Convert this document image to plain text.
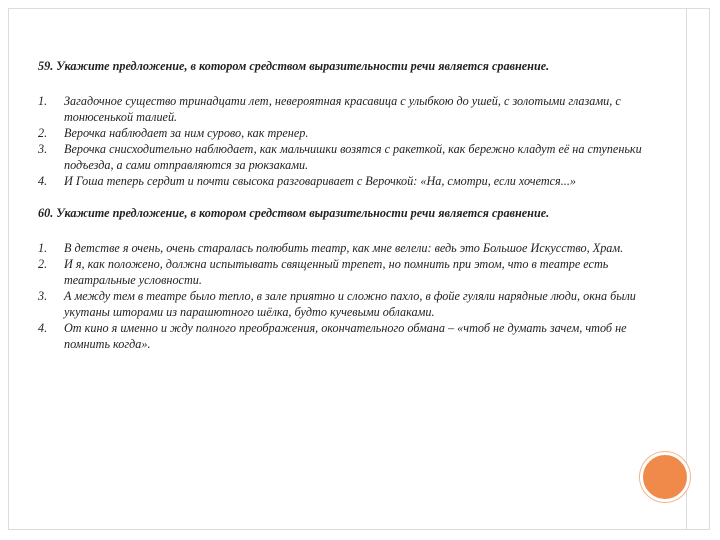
59. Укажите предложение, в котором средством выразительности речи является сравнение.
1.	Загадочное существо тринадцати лет, невероятная красавица с улыбкою до ушей, с золотыми глазами, с тонюсенькой талией.
2.	Верочка наблюдает за ним сурово, как тренер.
3.	Верочка снисходительно наблюдает, как мальчишки возятся с ракеткой, как бережно кладут её на ступеньки подъезда, а сами отправляются за рюкзаками.
4.	И Гоша теперь сердит и почти свысока разговаривает с Верочкой: «На, смотри, если хочется...»
60. Укажите предложение, в котором средством выразительности речи является сравнение.
1.	В детстве я очень, очень старалась полюбить театр, как мне велели: ведь это Большое Искусство, Храм.
2.	И я, как положено, должна испытывать священный трепет, но помнить при этом, что в театре есть театральные условности.
3.	А между тем в театре было тепло, в зале приятно и сложно пахло, в фойе гуляли нарядные люди, окна были укутаны шторами из парашютного шёлка, будто кучевыми облаками.
4.	От кино я именно и жду полного преображения, окончательного обмана – «чтоб не думать зачем, чтоб не помнить когда».
